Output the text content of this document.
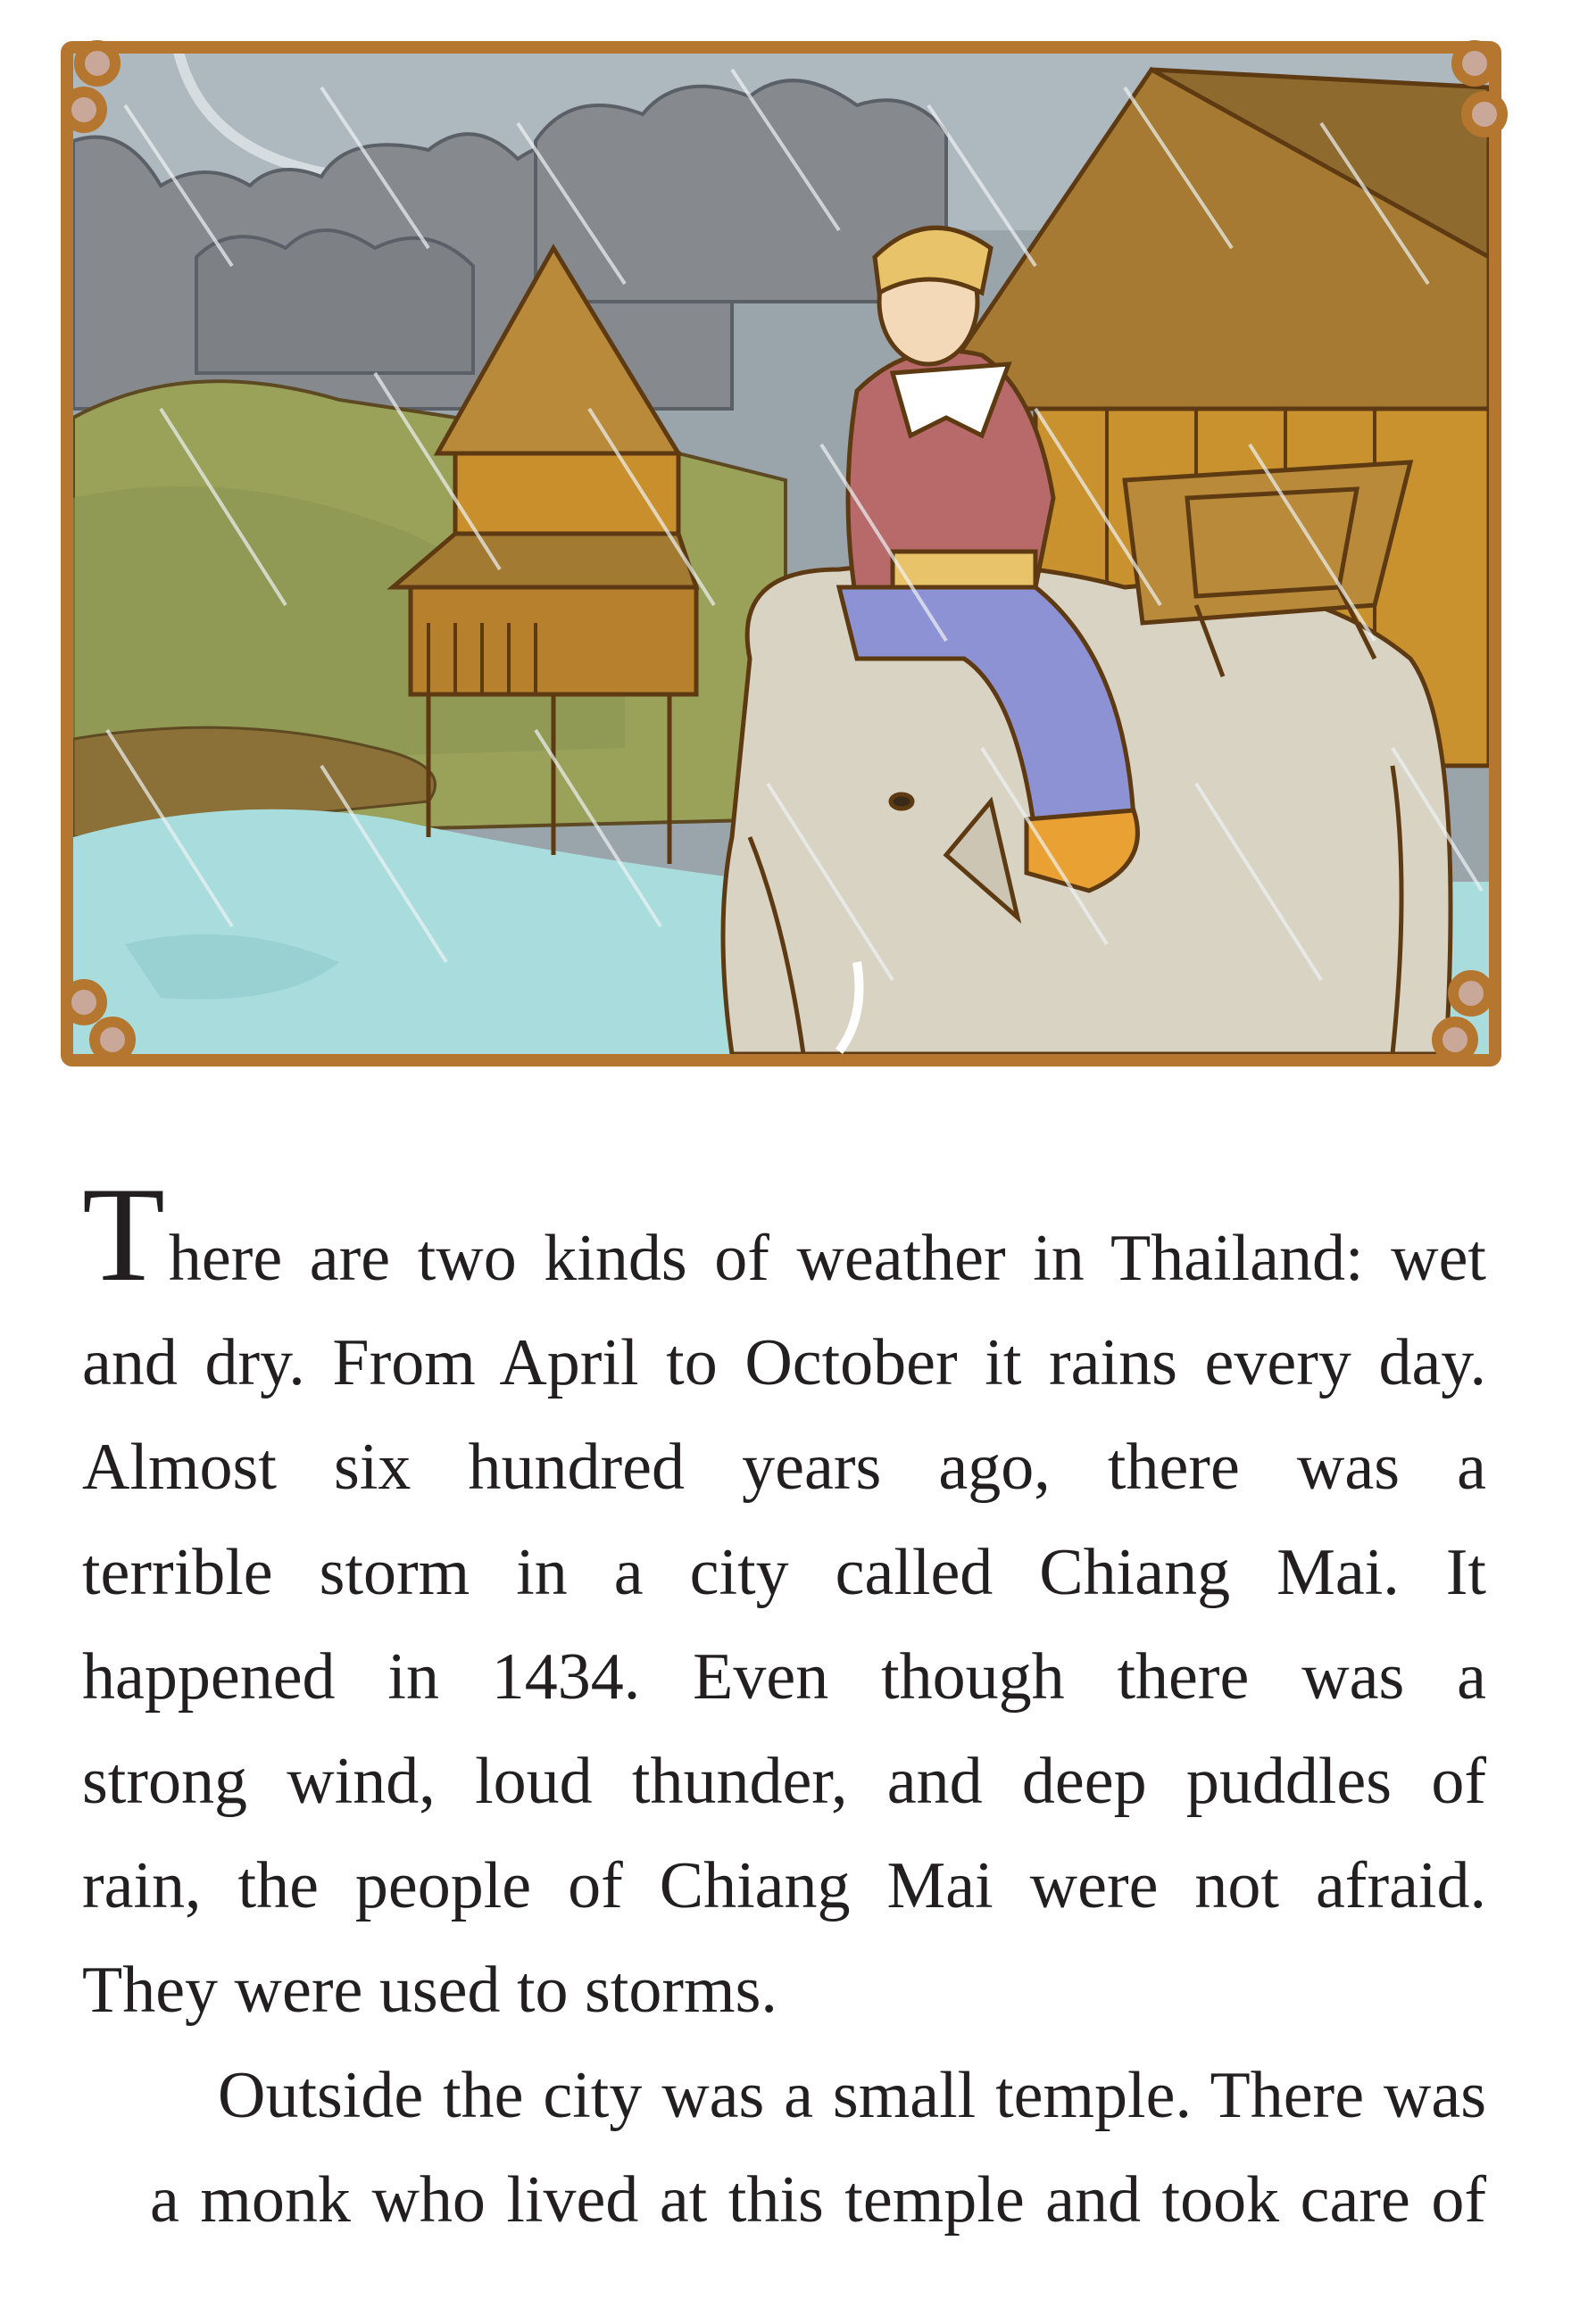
There are two kinds of weather in Thailand: wet
and dry. From April to October it rains every day.
Almost six hundred years ago, there was a
terrible storm in a city called Chiang Mai. It
happened in 1434. Even though there was a
strong wind, loud thunder, and deep puddles of
rain, the people of Chiang Mai were not afraid.
They were used to storms.

Outside the city was a small temple. There was
a monk who lived at this temple and took care of
